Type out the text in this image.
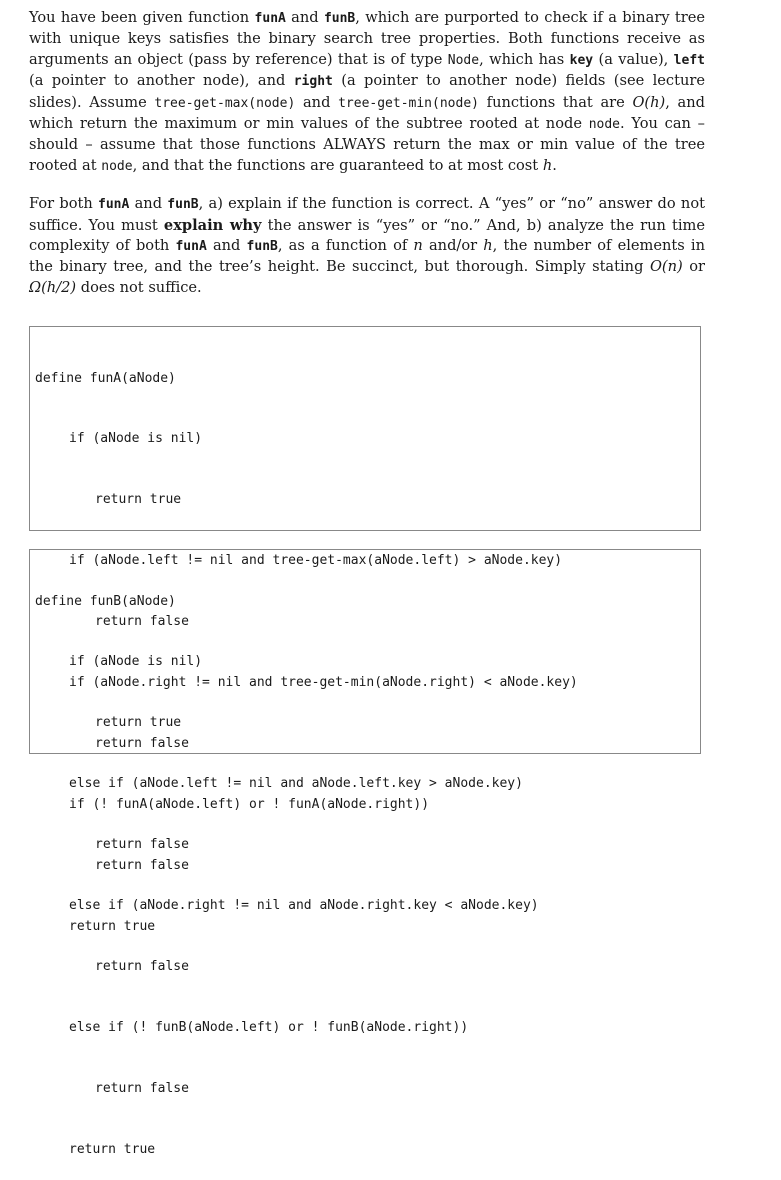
You have been given function funA and funB, which are purported to check if a binary tree with unique keys satisfies the binary search tree properties. Both functions receive as arguments an object (pass by reference) that is of type Node, which has key (a value), left (a pointer to another node), and right (a pointer to another node) fields (see lecture slides). Assume tree-get-max(node) and tree-get-min(node) functions that are O(h), and which return the maximum or min values of the subtree rooted at node node. You can – should – assume that those functions ALWAYS return the max or min value of the tree rooted at node, and that the functions are guaranteed to at most cost h.

For both funA and funB, a) explain if the function is correct. A “yes” or “no” answer do not suffice. You must explain why the answer is “yes” or “no.” And, b) analyze the run time complexity of both funA and funB, as a function of n and/or h, the number of elements in the binary tree, and the tree’s height. Be succinct, but thorough. Simply stating O(n) or Ω(h/2) does not suffice.

define funA(aNode)

if (aNode is nil)

return true

if (aNode.left != nil and tree-get-max(aNode.left) > aNode.key)

return false

if (aNode.right != nil and tree-get-min(aNode.right) < aNode.key)

return false

if (! funA(aNode.left) or ! funA(aNode.right))

return false

return true

define funB(aNode)

if (aNode is nil)

return true

else if (aNode.left != nil and aNode.left.key > aNode.key)

return false

else if (aNode.right != nil and aNode.right.key < aNode.key)

return false

else if (! funB(aNode.left) or ! funB(aNode.right))

return false

return true
